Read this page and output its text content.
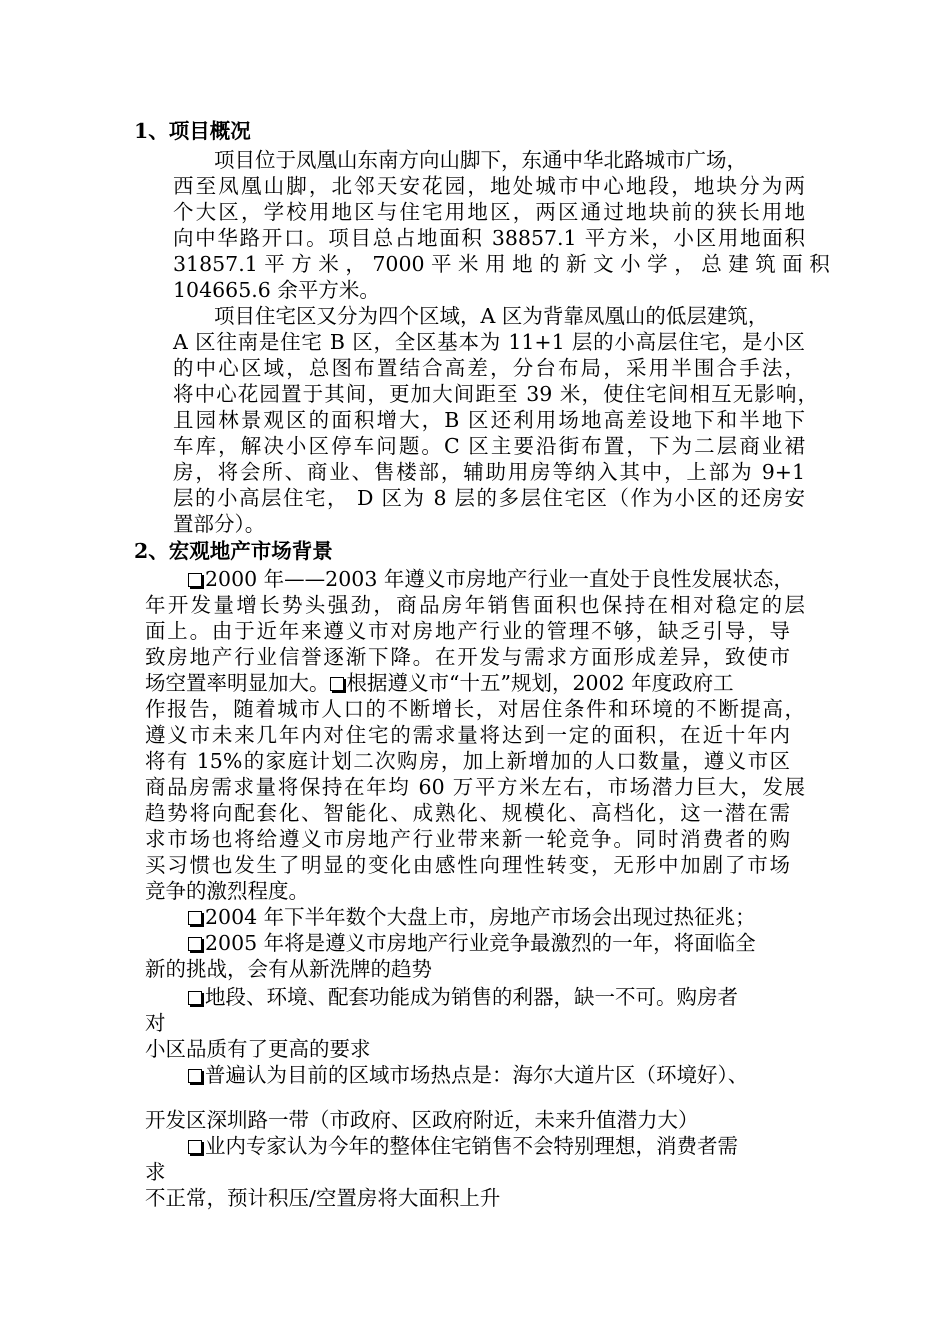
1、项目概况
项目位于凤凰山东南方向山脚下，东通中华北路城市广场，
西至凤凰山脚，北邻天安花园，地处城市中心地段，地块分为两
个大区，学校用地区与住宅用地区，两区通过地块前的狭长用地
向中华路开口。项目总占地面积 38857.1 平方米，小区用地面积
31857.1 平 方 米 ， 7000 平 米 用 地 的 新 文 小 学 ， 总 建 筑 面 积
104665.6 余平方米。
项目住宅区又分为四个区域，A 区为背靠凤凰山的低层建筑，
A 区往南是住宅 B 区，全区基本为 11+1 层的小高层住宅，是小区
的中心区域，总图布置结合高差，分台布局，采用半围合手法，
将中心花园置于其间，更加大间距至 39 米，使住宅间相互无影响，
且园林景观区的面积增大，B 区还利用场地高差设地下和半地下
车库，解决小区停车问题。C 区主要沿街布置，下为二层商业裙
房，将会所、商业、售楼部，辅助用房等纳入其中，上部为 9+1
层的小高层住宅， D 区为 8 层的多层住宅区（作为小区的还房安
置部分）。
2、宏观地产市场背景
2000 年——2003 年遵义市房地产行业一直处于良性发展状态，
年开发量增长势头强劲，商品房年销售面积也保持在相对稳定的层
面上。由于近年来遵义市对房地产行业的管理不够，缺乏引导，导
致房地产行业信誉逐渐下降。在开发与需求方面形成差异，致使市
场空置率明显加大。 根据遵义市“十五”规划，2002 年度政府工
作报告，随着城市人口的不断增长，对居住条件和环境的不断提高，
遵义市未来几年内对住宅的需求量将达到一定的面积，在近十年内
将有 15%的家庭计划二次购房，加上新增加的人口数量，遵义市区
商品房需求量将保持在年均 60 万平方米左右，市场潜力巨大，发展
趋势将向配套化、智能化、成熟化、规模化、高档化，这一潜在需
求市场也将给遵义市房地产行业带来新一轮竞争。同时消费者的购
买习惯也发生了明显的变化由感性向理性转变，无形中加剧了市场
竞争的激烈程度。
2004 年下半年数个大盘上市，房地产市场会出现过热征兆；
2005 年将是遵义市房地产行业竞争最激烈的一年，将面临全
新的挑战，会有从新洗牌的趋势
地段、环境、配套功能成为销售的利器，缺一不可。购房者
对
小区品质有了更高的要求
普遍认为目前的区域市场热点是：海尔大道片区（环境好）、
开发区深圳路一带（市政府、区政府附近，未来升值潜力大）
业内专家认为今年的整体住宅销售不会特别理想，消费者需
求
不正常，预计积压/空置房将大面积上升
